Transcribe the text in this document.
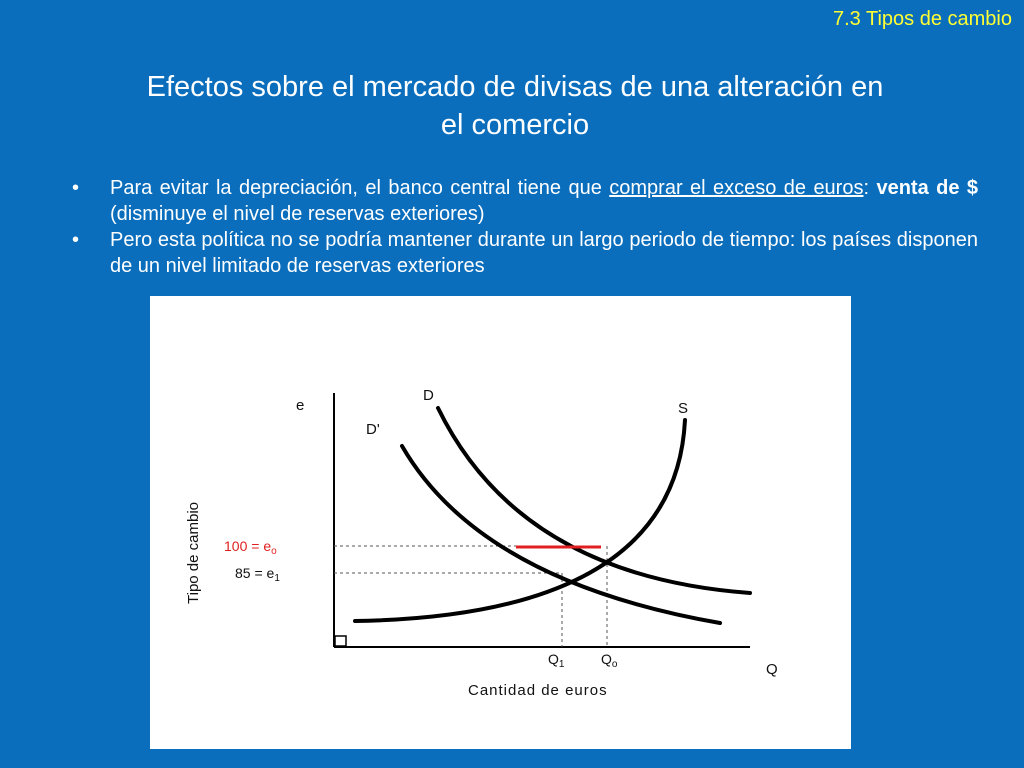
7.3 Tipos de cambio
Efectos sobre el mercado de divisas de una alteración en
el comercio
• Para evitar la depreciación, el banco central tiene que comprar el exceso de euros: venta de $ (disminuye el nivel de reservas exteriores)
• Pero esta política no se podría mantener durante un largo periodo de tiempo: los países disponen de un nivel limitado de reservas exteriores
D
D'
S
e
Q
$100 = e_o$
$85 = e_1$
$Q_1$	$Q_o$
Cantidad de euros
Tipo de cambio
